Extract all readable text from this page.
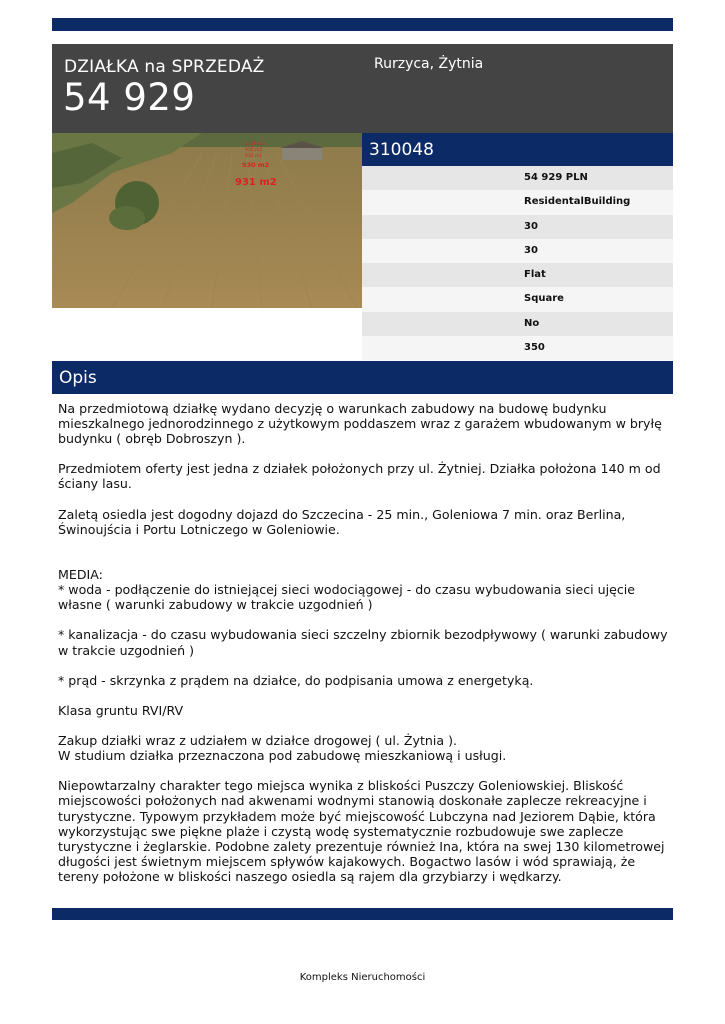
DZIAŁKA na SPRZEDAŻ
54 929
Rurzyca, Żytnia
1128 m2
930 m2
935 m2
930 m2
931 m2
310048
54 929 PLN
ResidentalBuilding
30
30
Flat
Square
No
350
Opis

Na przedmiotową działkę wydano decyzję o warunkach zabudowy na budowę budynku mieszkalnego jednorodzinnego z użytkowym poddaszem wraz z garażem wbudowanym w bryłę budynku ( obręb Dobroszyn ).

Przedmiotem oferty jest jedna z działek położonych przy ul. Żytniej. Działka położona 140 m od ściany lasu.

Zaletą osiedla jest dogodny dojazd do Szczecina - 25 min., Goleniowa 7 min. oraz Berlina, Świnoujścia i Portu Lotniczego w Goleniowie.

MEDIA:

* woda - podłączenie do istniejącej sieci wodociągowej - do czasu wybudowania sieci ujęcie własne ( warunki zabudowy w trakcie uzgodnień )

* kanalizacja - do czasu wybudowania sieci szczelny zbiornik bezodpływowy ( warunki zabudowy w trakcie uzgodnień )

* prąd - skrzynka z prądem na działce, do podpisania umowa z energetyką.

Klasa gruntu RVI/RV

Zakup działki wraz z udziałem w działce drogowej ( ul. Żytnia ).

W studium działka przeznaczona pod zabudowę mieszkaniową i usługi.

Niepowtarzalny charakter tego miejsca wynika z bliskości Puszczy Goleniowskiej. Bliskość miejscowości położonych nad akwenami wodnymi stanowią doskonałe zaplecze rekreacyjne i turystyczne. Typowym przykładem może być miejscowość Lubczyna nad Jeziorem Dąbie, która wykorzystując swe piękne plaże i czystą wodę systematycznie rozbudowuje swe zaplecze turystyczne i żeglarskie. Podobne zalety prezentuje również Ina, która na swej 130 kilometrowej długości jest świetnym miejscem spływów kajakowych. Bogactwo lasów i wód sprawiają, że tereny położone w bliskości naszego osiedla są rajem dla grzybiarzy i wędkarzy.

Kompleks Nieruchomości
